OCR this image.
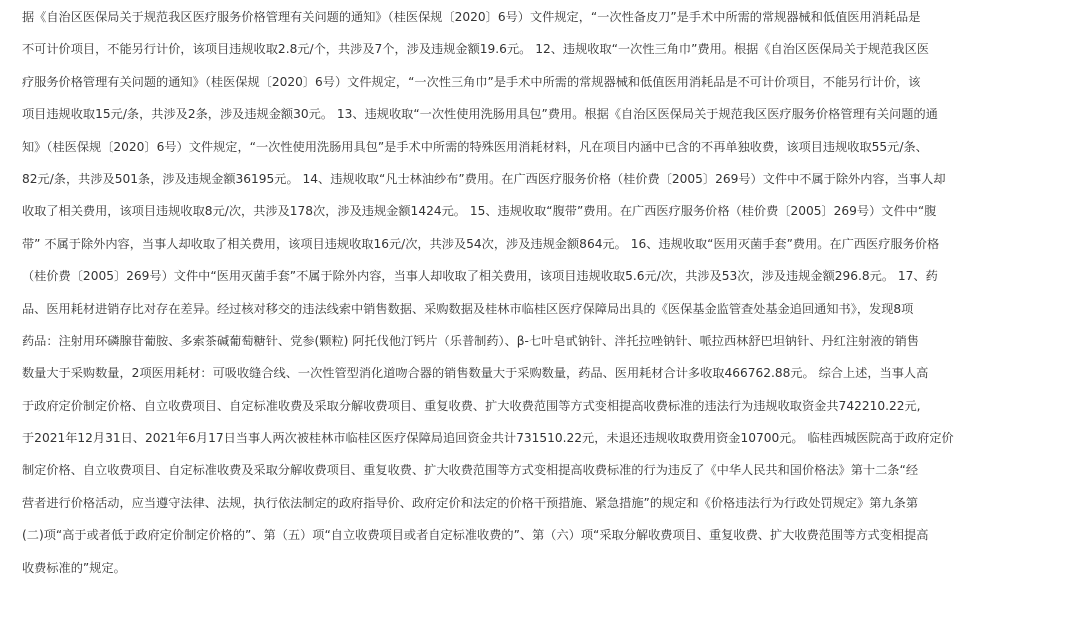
据《自治区医保局关于规范我区医疗服务价格管理有关问题的通知》（桂医保规〔2020〕6号）文件规定，“一次性备皮刀”是手术中所需的常规器械和低值医用消耗品是
不可计价项目，不能另行计价，该项目违规收取2.8元/个，共涉及7个，涉及违规金额19.6元。 12、违规收取“一次性三角巾”费用。根据《自治区医保局关于规范我区医
疗服务价格管理有关问题的通知》（桂医保规〔2020〕6号）文件规定，“一次性三角巾”是手术中所需的常规器械和低值医用消耗品是不可计价项目，不能另行计价，该
项目违规收取15元/条，共涉及2条，涉及违规金额30元。 13、违规收取“一次性使用洗肠用具包”费用。根据《自治区医保局关于规范我区医疗服务价格管理有关问题的通
知》（桂医保规〔2020〕6号）文件规定，“一次性使用洗肠用具包”是手术中所需的特殊医用消耗材料，凡在项目内涵中已含的不再单独收费，该项目违规收取55元/条、
82元/条，共涉及501条，涉及违规金额36195元。 14、违规收取“凡士林油纱布”费用。在广西医疗服务价格（桂价费〔2005〕269号）文件中不属于除外内容，当事人却
收取了相关费用，该项目违规收取8元/次，共涉及178次，涉及违规金额1424元。 15、违规收取“腹带”费用。在广西医疗服务价格（桂价费〔2005〕269号）文件中“腹
带” 不属于除外内容，当事人却收取了相关费用，该项目违规收取16元/次，共涉及54次，涉及违规金额864元。 16、违规收取“医用灭菌手套”费用。在广西医疗服务价格
（桂价费〔2005〕269号）文件中“医用灭菌手套”不属于除外内容，当事人却收取了相关费用，该项目违规收取5.6元/次，共涉及53次，涉及违规金额296.8元。 17、药
品、医用耗材进销存比对存在差异。经过核对移交的违法线索中销售数据、采购数据及桂林市临桂区医疗保障局出具的《医保基金监管查处基金追回通知书》，发现8项
药品：注射用环磷腺苷葡胺、多索茶碱葡萄糖针、党参(颗粒) 阿托伐他汀钙片（乐普制药）、β-七叶皂甙钠针、泮托拉唑钠针、哌拉西林舒巴坦钠针、丹红注射液的销售
数量大于采购数量，2项医用耗材：可吸收缝合线、一次性管型消化道吻合器的销售数量大于采购数量，药品、医用耗材合计多收取466762.88元。 综合上述，当事人高
于政府定价制定价格、自立收费项目、自定标准收费及采取分解收费项目、重复收费、扩大收费范围等方式变相提高收费标准的违法行为违规收取资金共742210.22元,
于2021年12月31日、2021年6月17日当事人两次被桂林市临桂区医疗保障局追回资金共计731510.22元，未退还违规收取费用资金10700元。 临桂西城医院高于政府定价
制定价格、自立收费项目、自定标准收费及采取分解收费项目、重复收费、扩大收费范围等方式变相提高收费标准的行为违反了《中华人民共和国价格法》第十二条“经
营者进行价格活动，应当遵守法律、法规，执行依法制定的政府指导价、政府定价和法定的价格干预措施、紧急措施”的规定和《价格违法行为行政处罚规定》第九条第
(二)项“高于或者低于政府定价制定价格的”、第（五）项“自立收费项目或者自定标准收费的”、第（六）项“采取分解收费项目、重复收费、扩大收费范围等方式变相提高
收费标准的”规定。
